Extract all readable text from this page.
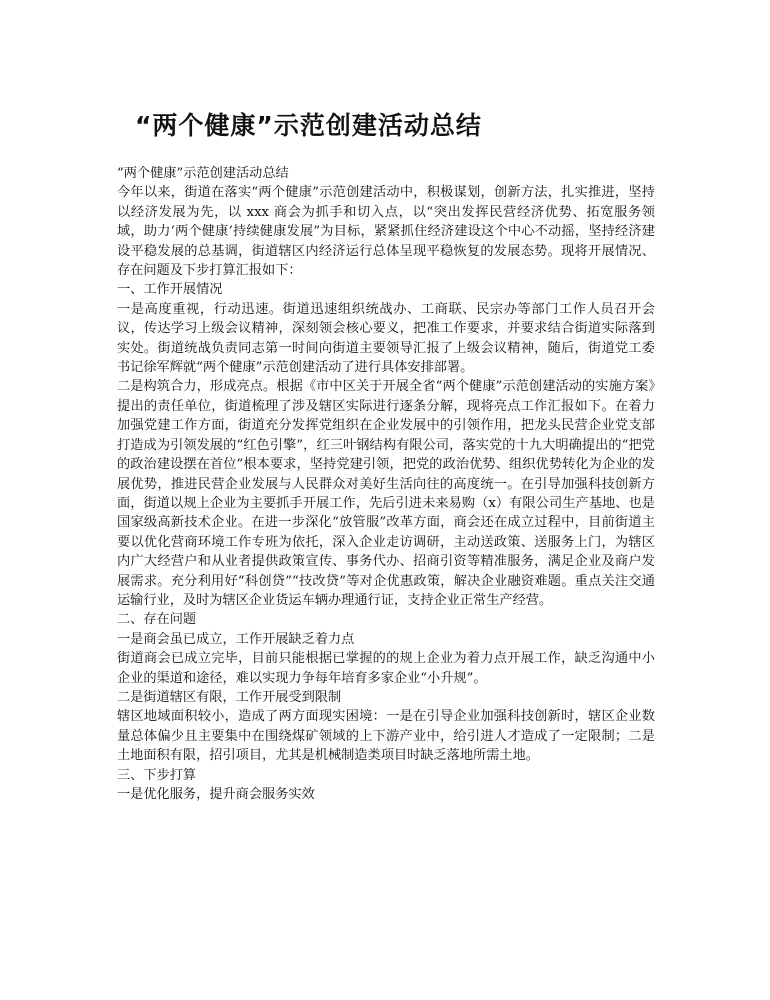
“两个健康”示范创建活动总结

“两个健康”示范创建活动总结

今年以来，街道在落实“两个健康”示范创建活动中，积极谋划，创新方法，扎实推进，坚持以经济发展为先，以 xxx 商会为抓手和切入点，以“突出发挥民营经济优势、拓宽服务领域，助力‘两个健康’持续健康发展”为目标，紧紧抓住经济建设这个中心不动摇，坚持经济建设平稳发展的总基调，街道辖区内经济运行总体呈现平稳恢复的发展态势。现将开展情况、存在问题及下步打算汇报如下：

一、工作开展情况

一是高度重视，行动迅速。街道迅速组织统战办、工商联、民宗办等部门工作人员召开会议，传达学习上级会议精神，深刻领会核心要义，把准工作要求，并要求结合街道实际落到实处。街道统战负责同志第一时间向街道主要领导汇报了上级会议精神，随后，街道党工委书记徐军辉就“两个健康”示范创建活动了进行具体安排部署。

二是构筑合力，形成亮点。根据《市中区关于开展全省“两个健康”示范创建活动的实施方案》提出的责任单位，街道梳理了涉及辖区实际进行逐条分解，现将亮点工作汇报如下。在着力加强党建工作方面，街道充分发挥党组织在企业发展中的引领作用，把龙头民营企业党支部打造成为引领发展的“红色引擎”，红三叶钢结构有限公司，落实党的十九大明确提出的“把党的政治建设摆在首位”根本要求，坚持党建引领，把党的政治优势、组织优势转化为企业的发展优势，推进民营企业发展与人民群众对美好生活向往的高度统一。在引导加强科技创新方面，街道以规上企业为主要抓手开展工作，先后引进未来易购（x）有限公司生产基地、也是国家级高新技术企业。在进一步深化“放管服”改革方面，商会还在成立过程中，目前街道主要以优化营商环境工作专班为依托，深入企业走访调研，主动送政策、送服务上门，为辖区内广大经营户和从业者提供政策宣传、事务代办、招商引资等精准服务，满足企业及商户发展需求。充分利用好“科创贷”“技改贷”等对企优惠政策，解决企业融资难题。重点关注交通运输行业，及时为辖区企业货运车辆办理通行证，支持企业正常生产经营。

二、存在问题

一是商会虽已成立，工作开展缺乏着力点

街道商会已成立完毕，目前只能根据已掌握的的规上企业为着力点开展工作，缺乏沟通中小企业的渠道和途径，难以实现力争每年培育多家企业“小升规”。

二是街道辖区有限，工作开展受到限制

辖区地域面积较小，造成了两方面现实困境：一是在引导企业加强科技创新时，辖区企业数量总体偏少且主要集中在围绕煤矿领域的上下游产业中，给引进人才造成了一定限制；二是土地面积有限，招引项目，尤其是机械制造类项目时缺乏落地所需土地。

三、下步打算

一是优化服务，提升商会服务实效
